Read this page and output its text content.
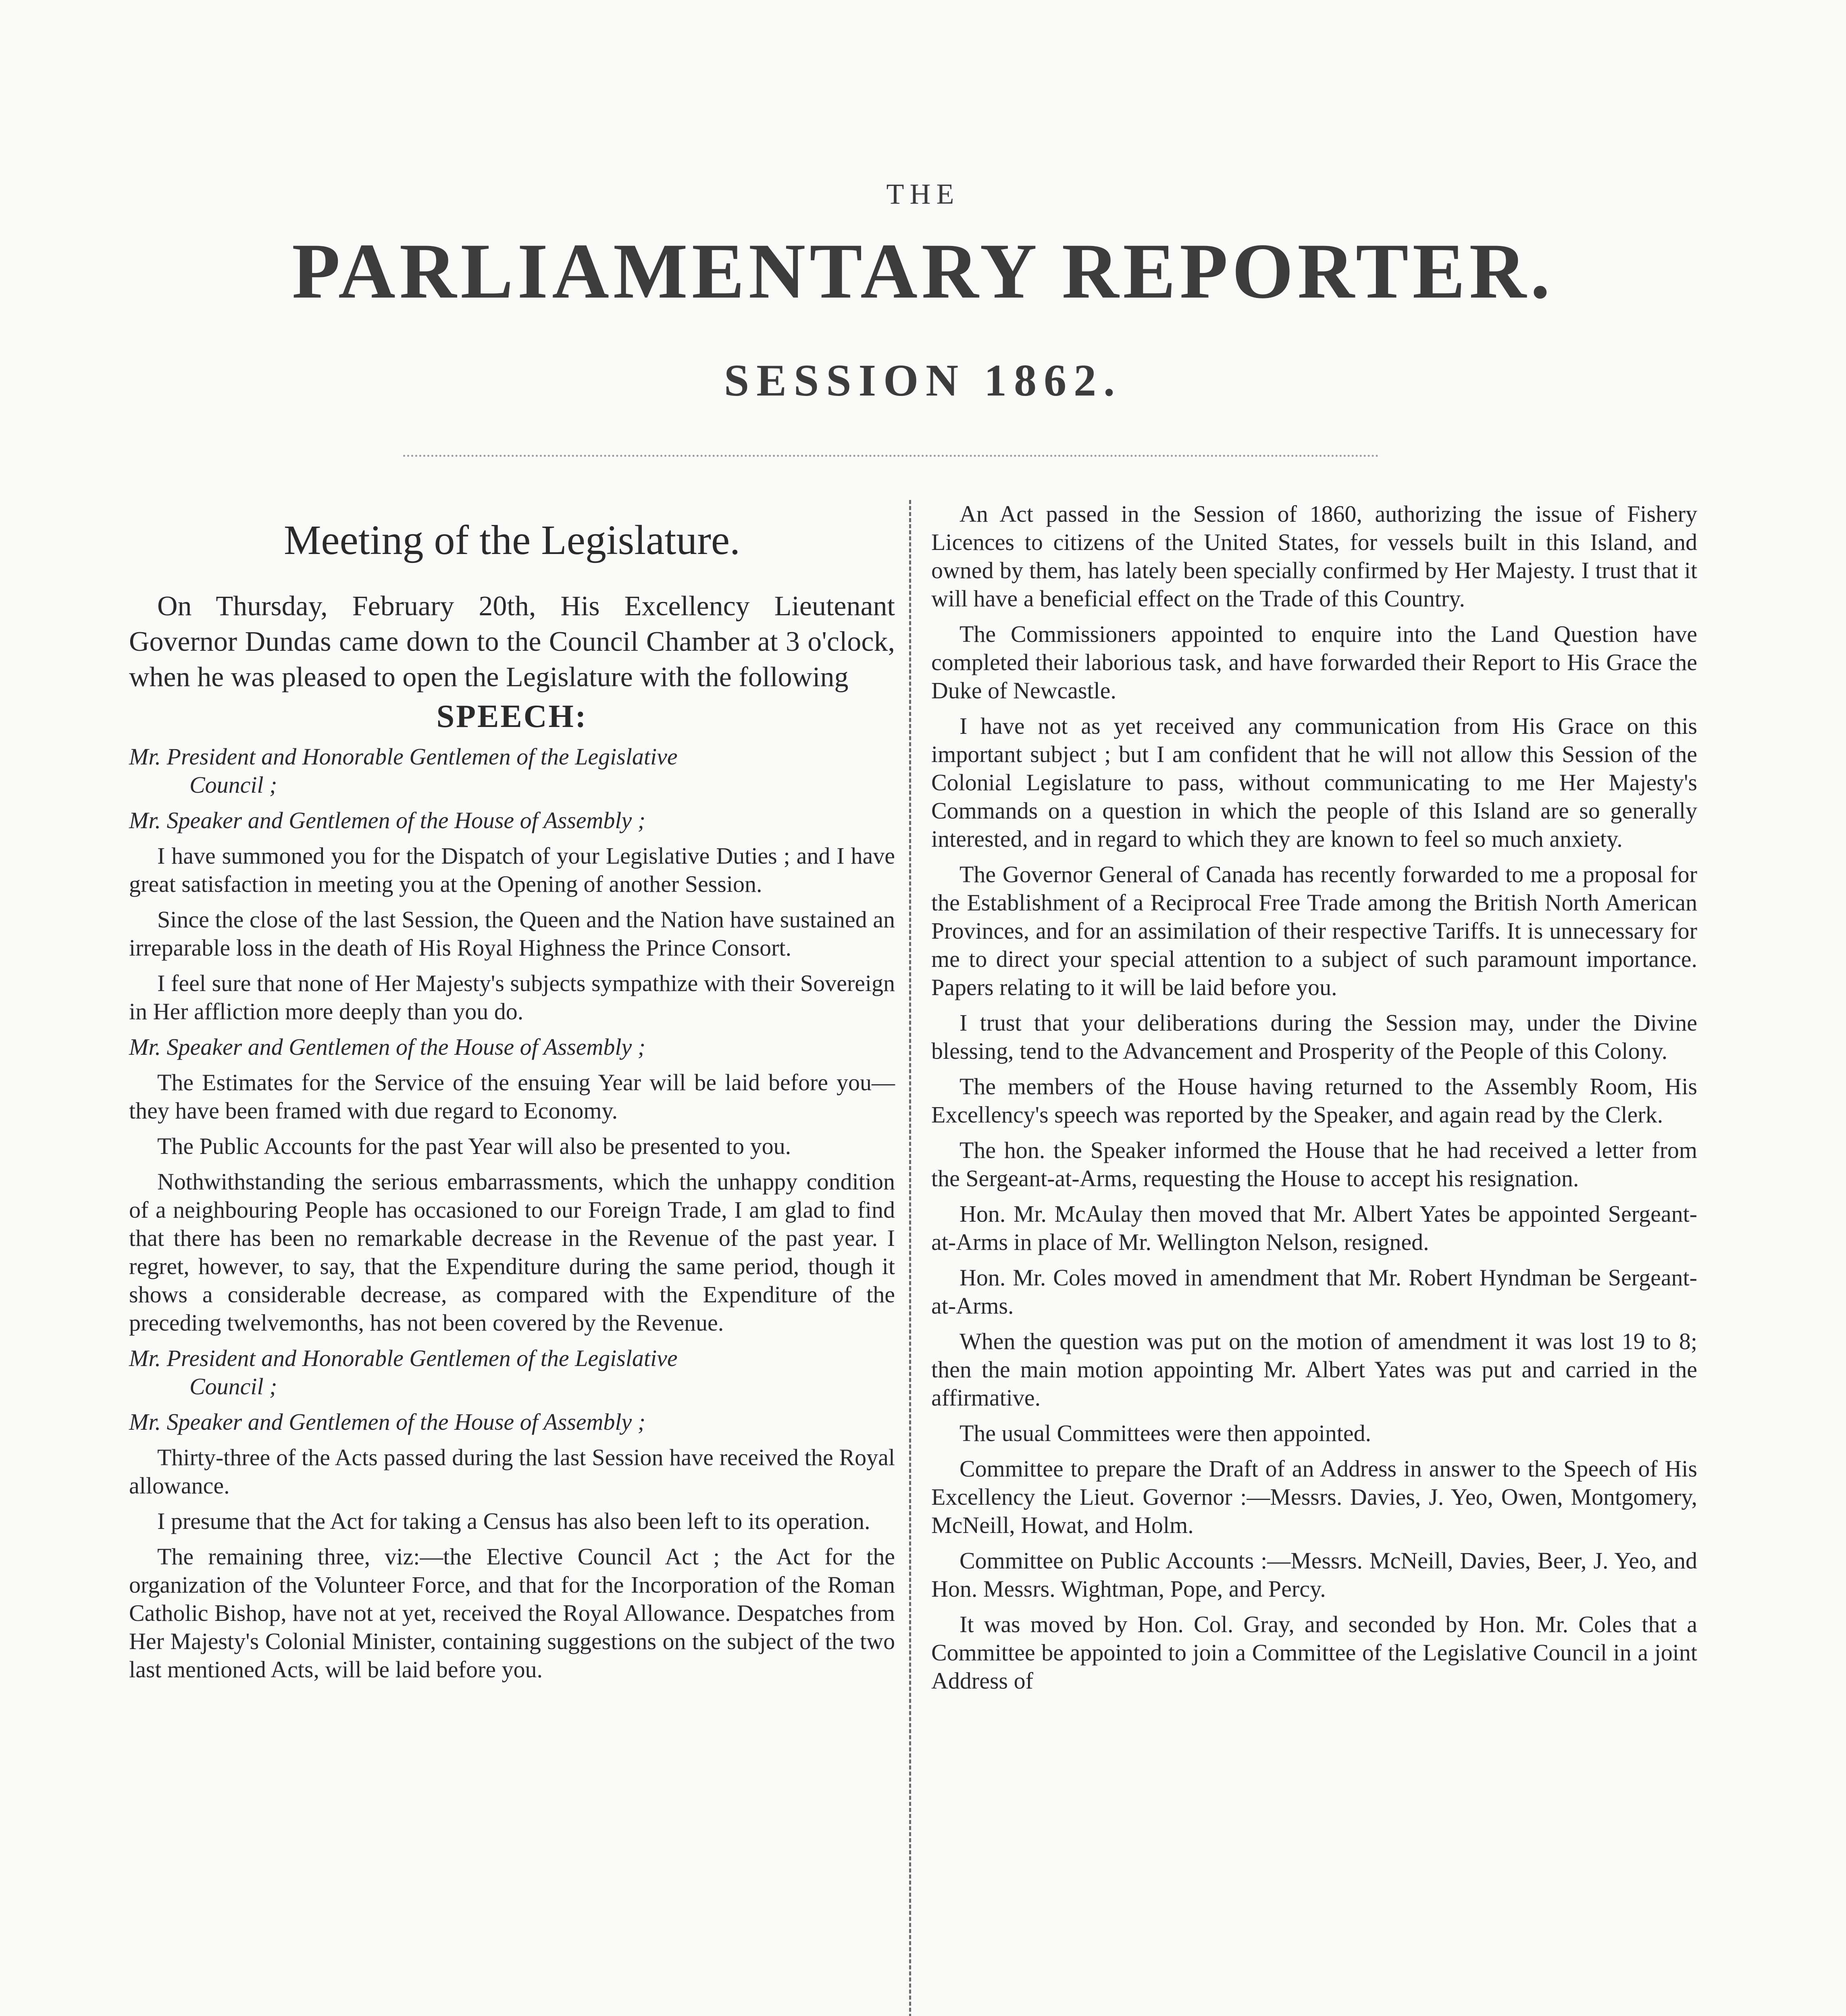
THE
PARLIAMENTARY REPORTER.
SESSION 1862.
Meeting of the Legislature.

On Thursday, February 20th, His Excellency Lieutenant Governor Dundas came down to the Council Chamber at 3 o'clock, when he was pleased to open the Legislature with the following

SPEECH:

Mr. President and Honorable Gentlemen of the Legislative
Council ;

Mr. Speaker and Gentlemen of the House of Assembly ;

I have summoned you for the Dispatch of your Legislative Duties ; and I have great satisfaction in meeting you at the Opening of another Session.

Since the close of the last Session, the Queen and the Nation have sustained an irreparable loss in the death of His Royal Highness the Prince Consort.

I feel sure that none of Her Majesty's subjects sympathize with their Sovereign in Her affliction more deeply than you do.

Mr. Speaker and Gentlemen of the House of Assembly ;

The Estimates for the Service of the ensuing Year will be laid before you—they have been framed with due regard to Economy.

The Public Accounts for the past Year will also be presented to you.

Nothwithstanding the serious embarrassments, which the unhappy condition of a neighbouring People has occasioned to our Foreign Trade, I am glad to find that there has been no remarkable decrease in the Revenue of the past year. I regret, however, to say, that the Expenditure during the same period, though it shows a considerable decrease, as compared with the Expenditure of the preceding twelvemonths, has not been covered by the Revenue.

Mr. President and Honorable Gentlemen of the Legislative
Council ;

Mr. Speaker and Gentlemen of the House of Assembly ;

Thirty-three of the Acts passed during the last Session have received the Royal allowance.

I presume that the Act for taking a Census has also been left to its operation.

The remaining three, viz:—the Elective Council Act ; the Act for the organization of the Volunteer Force, and that for the Incorporation of the Roman Catholic Bishop, have not at yet, received the Royal Allowance. Despatches from Her Majesty's Colonial Minister, containing suggestions on the subject of the two last mentioned Acts, will be laid before you.

An Act passed in the Session of 1860, authorizing the issue of Fishery Licences to citizens of the United States, for vessels built in this Island, and owned by them, has lately been specially confirmed by Her Majesty. I trust that it will have a beneficial effect on the Trade of this Country.

The Commissioners appointed to enquire into the Land Question have completed their laborious task, and have forwarded their Report to His Grace the Duke of Newcastle.

I have not as yet received any communication from His Grace on this important subject ; but I am confident that he will not allow this Session of the Colonial Legislature to pass, without communicating to me Her Majesty's Commands on a question in which the people of this Island are so generally interested, and in regard to which they are known to feel so much anxiety.

The Governor General of Canada has recently forwarded to me a proposal for the Establishment of a Reciprocal Free Trade among the British North American Provinces, and for an assimilation of their respective Tariffs. It is unnecessary for me to direct your special attention to a subject of such paramount importance. Papers relating to it will be laid before you.

I trust that your deliberations during the Session may, under the Divine blessing, tend to the Advancement and Prosperity of the People of this Colony.

The members of the House having returned to the Assembly Room, His Excellency's speech was reported by the Speaker, and again read by the Clerk.

The hon. the Speaker informed the House that he had received a letter from the Sergeant-at-Arms, requesting the House to accept his resignation.

Hon. Mr. McAulay then moved that Mr. Albert Yates be appointed Sergeant-at-Arms in place of Mr. Wellington Nelson, resigned.

Hon. Mr. Coles moved in amendment that Mr. Robert Hyndman be Sergeant-at-Arms.

When the question was put on the motion of amendment it was lost 19 to 8; then the main motion appointing Mr. Albert Yates was put and carried in the affirmative.

The usual Committees were then appointed.

Committee to prepare the Draft of an Address in answer to the Speech of His Excellency the Lieut. Governor :—Messrs. Davies, J. Yeo, Owen, Montgomery, McNeill, Howat, and Holm.

Committee on Public Accounts :—Messrs. McNeill, Davies, Beer, J. Yeo, and Hon. Messrs. Wightman, Pope, and Percy.

It was moved by Hon. Col. Gray, and seconded by Hon. Mr. Coles that a Committee be appointed to join a Committee of the Legislative Council in a joint Address of
